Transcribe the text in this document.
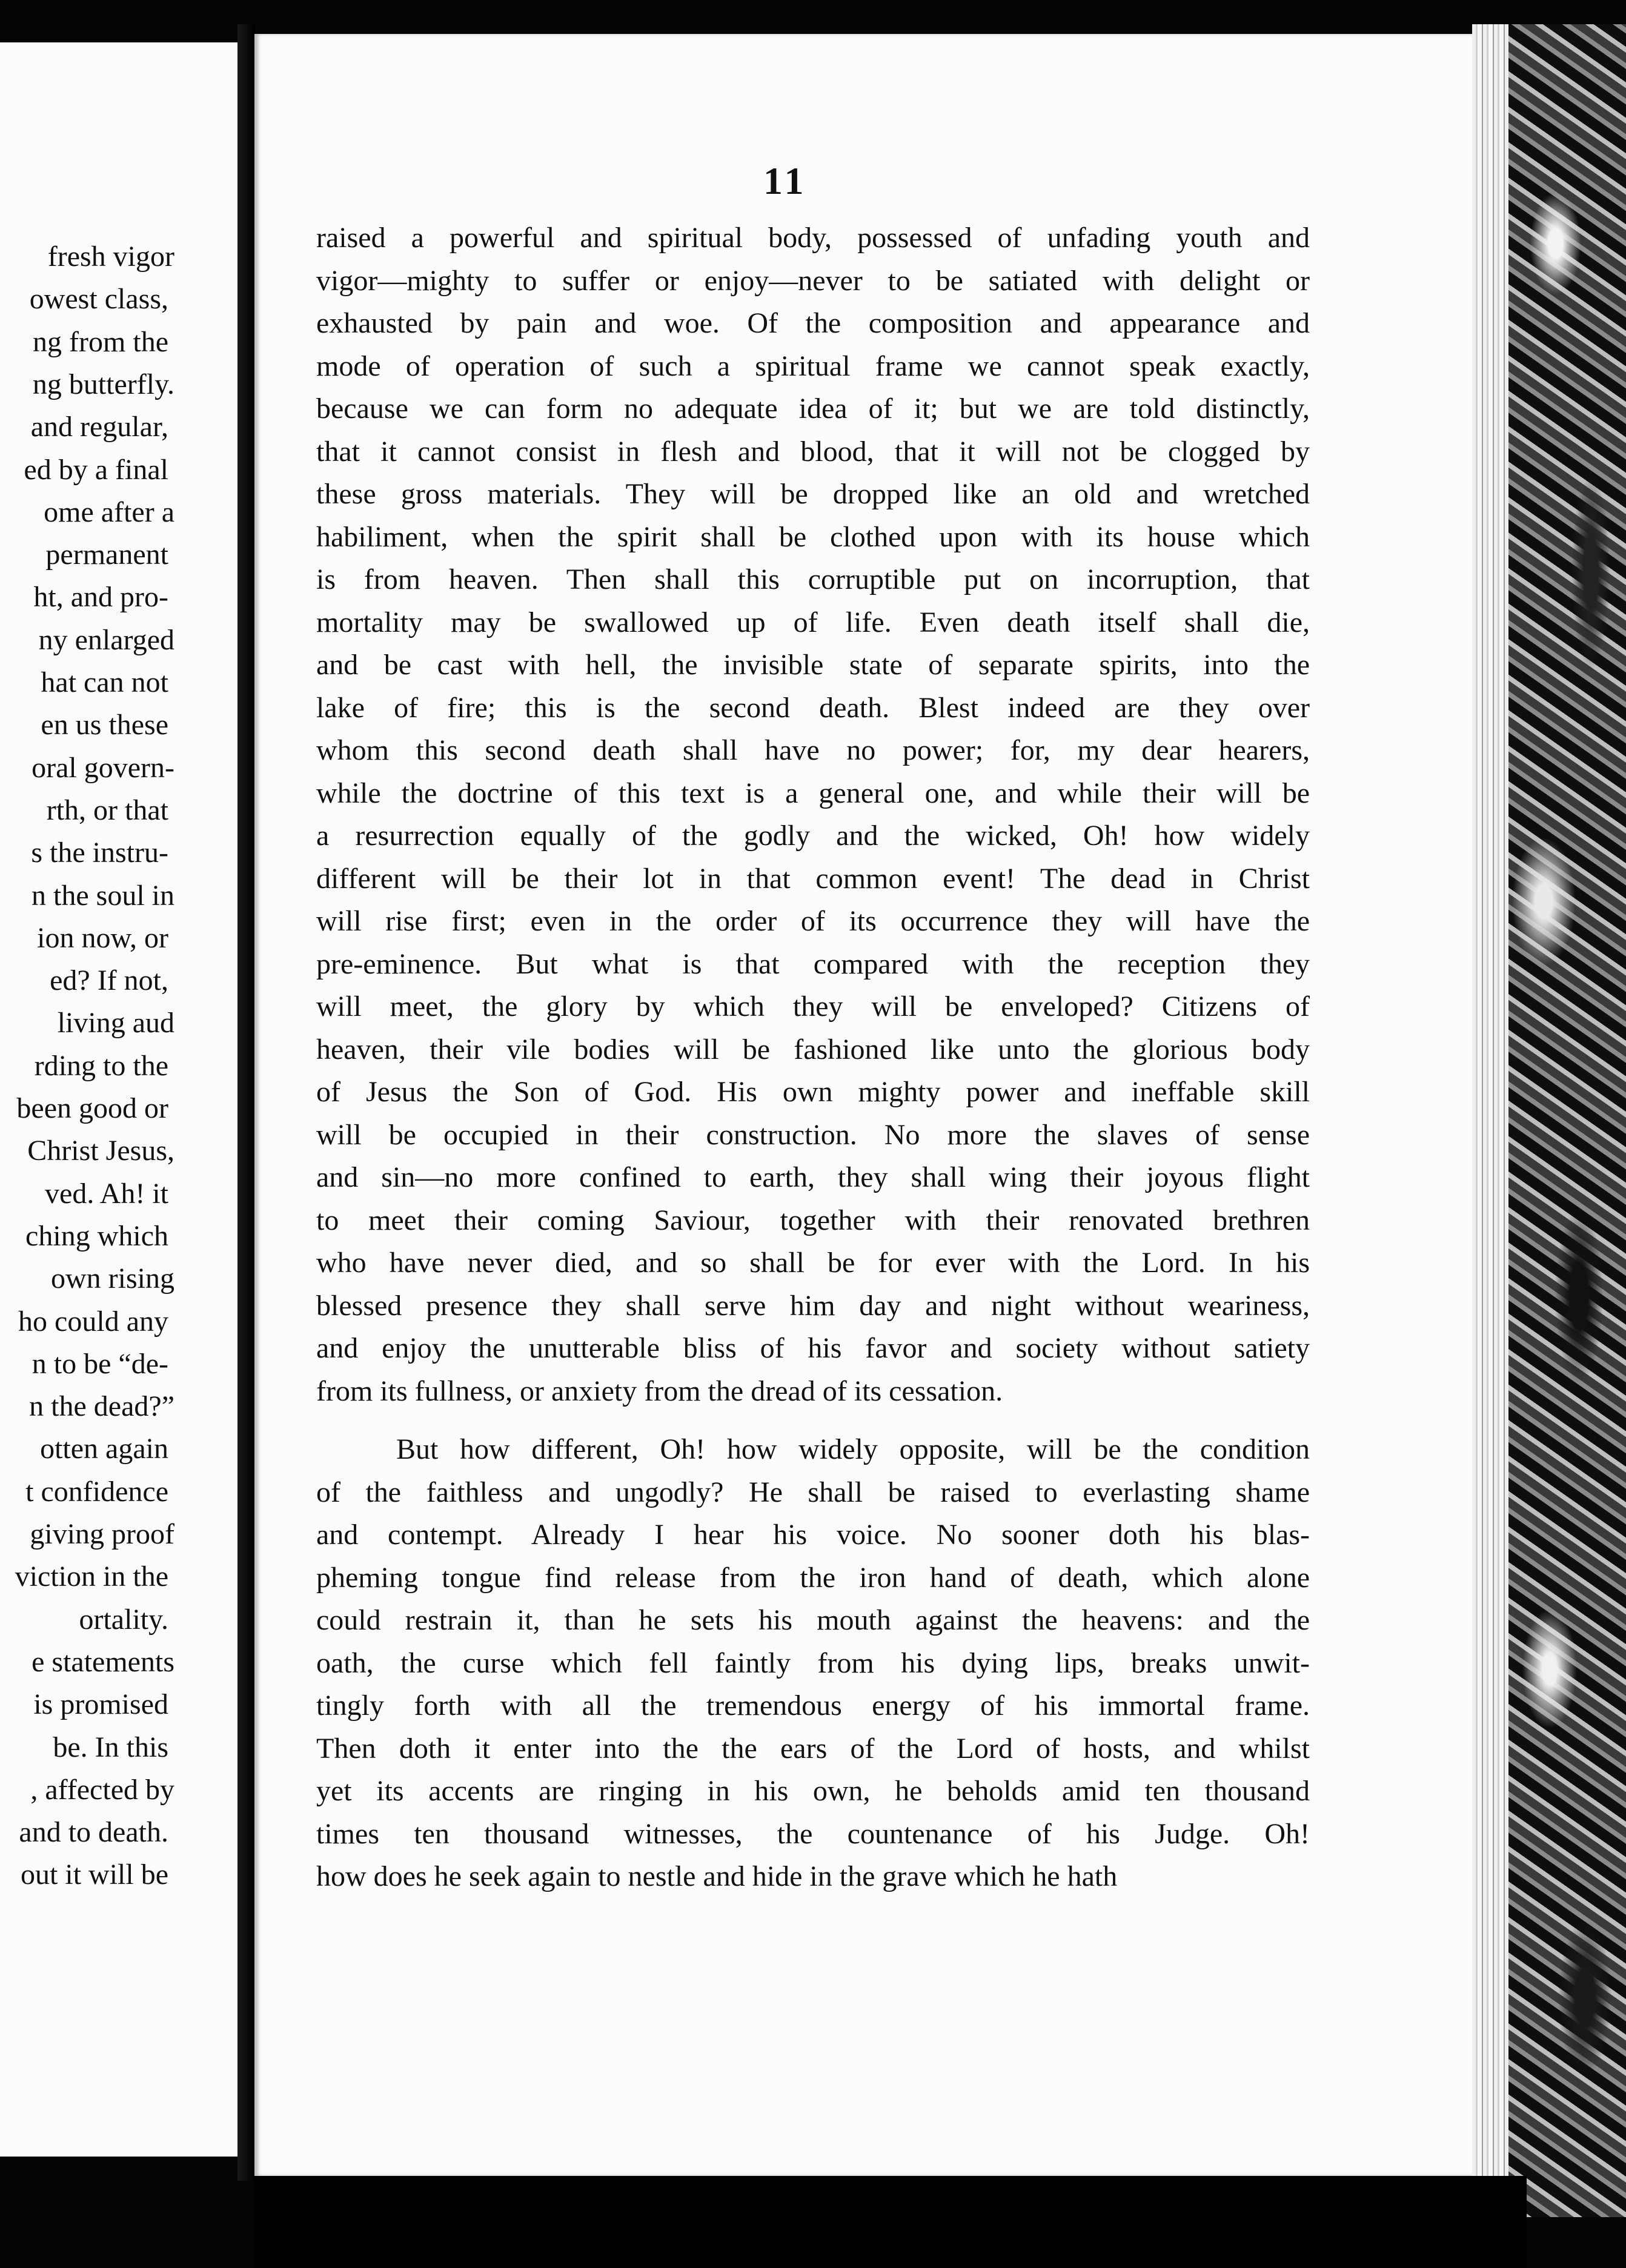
fresh vigor
owest class,
ng from the
ng butterfly.
and regular,
ed by a final
ome after a
permanent
ht, and pro-
ny enlarged
hat can not
en us these
oral govern-
rth, or that
s the instru-
n the soul in
ion now, or
ed? If not,
living aud
rding to the
been good or
Christ Jesus,
ved. Ah! it
ching which
own rising
ho could any
n to be “de-
n the dead?”
otten again
t confidence
giving proof
viction in the
ortality.
e statements
is promised
be. In this
, affected by
and to death.
out it will be
11
raised a powerful and spiritual body, possessed of unfading youth and
vigor—mighty to suffer or enjoy—never to be satiated with delight or
exhausted by pain and woe. Of the composition and appearance and
mode of operation of such a spiritual frame we cannot speak exactly,
because we can form no adequate idea of it; but we are told distinctly,
that it cannot consist in flesh and blood, that it will not be clogged by
these gross materials. They will be dropped like an old and wretched
habiliment, when the spirit shall be clothed upon with its house which
is from heaven. Then shall this corruptible put on incorruption, that
mortality may be swallowed up of life. Even death itself shall die,
and be cast with hell, the invisible state of separate spirits, into the
lake of fire; this is the second death. Blest indeed are they over
whom this second death shall have no power; for, my dear hearers,
while the doctrine of this text is a general one, and while their will be
a resurrection equally of the godly and the wicked, Oh! how widely
different will be their lot in that common event! The dead in Christ
will rise first; even in the order of its occurrence they will have the
pre-eminence. But what is that compared with the reception they
will meet, the glory by which they will be enveloped? Citizens of
heaven, their vile bodies will be fashioned like unto the glorious body
of Jesus the Son of God. His own mighty power and ineffable skill
will be occupied in their construction. No more the slaves of sense
and sin—no more confined to earth, they shall wing their joyous flight
to meet their coming Saviour, together with their renovated brethren
who have never died, and so shall be for ever with the Lord. In his
blessed presence they shall serve him day and night without weariness,
and enjoy the unutterable bliss of his favor and society without satiety
from its fullness, or anxiety from the dread of its cessation.
But how different, Oh! how widely opposite, will be the condition
of the faithless and ungodly? He shall be raised to everlasting shame
and contempt. Already I hear his voice. No sooner doth his blas-
pheming tongue find release from the iron hand of death, which alone
could restrain it, than he sets his mouth against the heavens: and the
oath, the curse which fell faintly from his dying lips, breaks unwit-
tingly forth with all the tremendous energy of his immortal frame.
Then doth it enter into the the ears of the Lord of hosts, and whilst
yet its accents are ringing in his own, he beholds amid ten thousand
times ten thousand witnesses, the countenance of his Judge. Oh!
how does he seek again to nestle and hide in the grave which he hath
